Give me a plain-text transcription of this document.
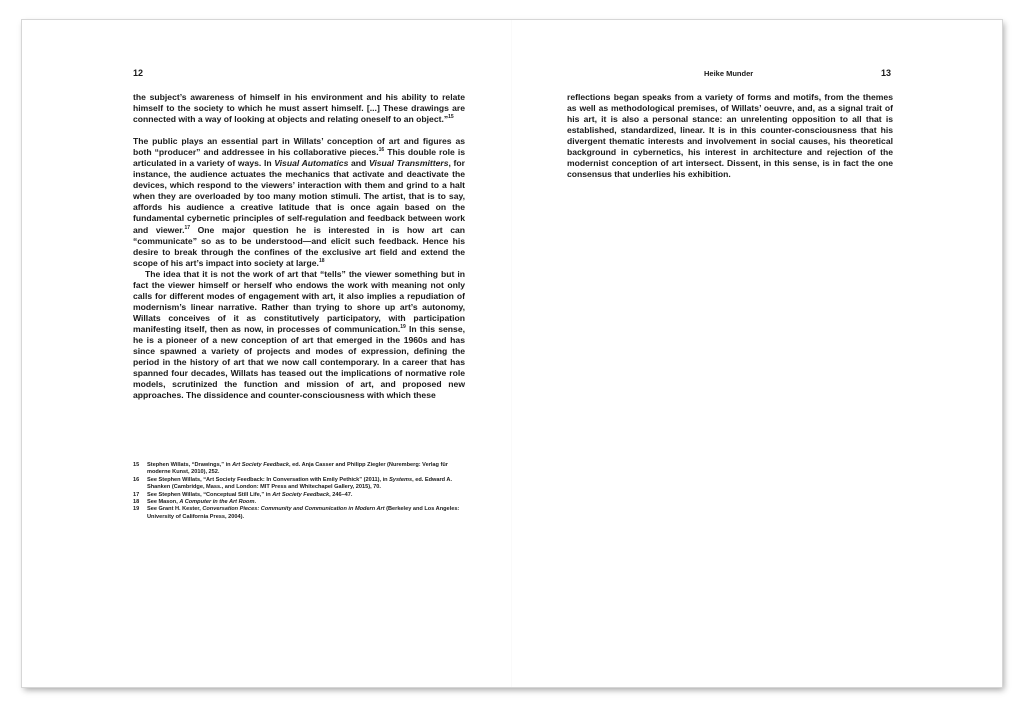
12

the subject’s awareness of himself in his environment and his ability to relate himself to the society to which he must assert himself. [...] These drawings are connected with a way of looking at objects and relating oneself to an object.”$^{15}$

The public plays an essential part in Willats’ conception of art and figures as both “producer” and addressee in his collaborative pieces.$^{16}$ This double role is articulated in a variety of ways. In Visual Automatics and Visual Transmitters, for instance, the audience actuates the mechanics that activate and deactivate the devices, which respond to the viewers’ interaction with them and grind to a halt when they are overloaded by too many motion stimuli. The artist, that is to say, affords his audience a creative latitude that is once again based on the fundamental cybernetic principles of self-regulation and feedback between work and viewer.$^{17}$ One major question he is interested in is how art can “communicate” so as to be understood—and elicit such feedback. Hence his desire to break through the confines of the exclusive art field and extend the scope of his art’s impact into society at large.$^{18}$

The idea that it is not the work of art that “tells” the viewer something but in fact the viewer himself or herself who endows the work with meaning not only calls for different modes of engagement with art, it also implies a repudiation of modernism’s linear narrative. Rather than trying to shore up art’s autonomy, Willats conceives of it as constitutively participatory, with participation manifesting itself, then as now, in processes of communication.$^{19}$ In this sense, he is a pioneer of a new conception of art that emerged in the 1960s and has since spawned a variety of projects and modes of expression, defining the period in the history of art that we now call contemporary. In a career that has spanned four decades, Willats has teased out the implications of normative role models, scrutinized the function and mission of art, and proposed new approaches. The dissidence and counter-consciousness with which these

15	Stephen Willats, “Drawings,” in Art Society Feedback, ed. Anja Casser and Philipp Ziegler (Nuremberg: Verlag für moderne Kunst, 2010), 252.
16	See Stephen Willats, “Art Society Feedback: In Conversation with Emily Pethick” (2011), in Systems, ed. Edward A. Shanken (Cambridge, Mass., and London: MIT Press and Whitechapel Gallery, 2015), 70.
17	See Stephen Willats, “Conceptual Still Life,” in Art Society Feedback, 246–47.
18	See Mason, A Computer in the Art Room.
19	See Grant H. Kester, Conversation Pieces: Community and Communication in Modern Art (Berkeley and Los Angeles: University of California Press, 2004).
Heike Munder	13

reflections began speaks from a variety of forms and motifs, from the themes as well as methodological premises, of Willats’ oeuvre, and, as a signal trait of his art, it is also a personal stance: an unrelenting opposition to all that is established, standardized, linear. It is in this counter-consciousness that his divergent thematic interests and involvement in social causes, his theoretical background in cybernetics, his interest in architecture and rejection of the modernist conception of art intersect. Dissent, in this sense, is in fact the one consensus that underlies his exhibition.
